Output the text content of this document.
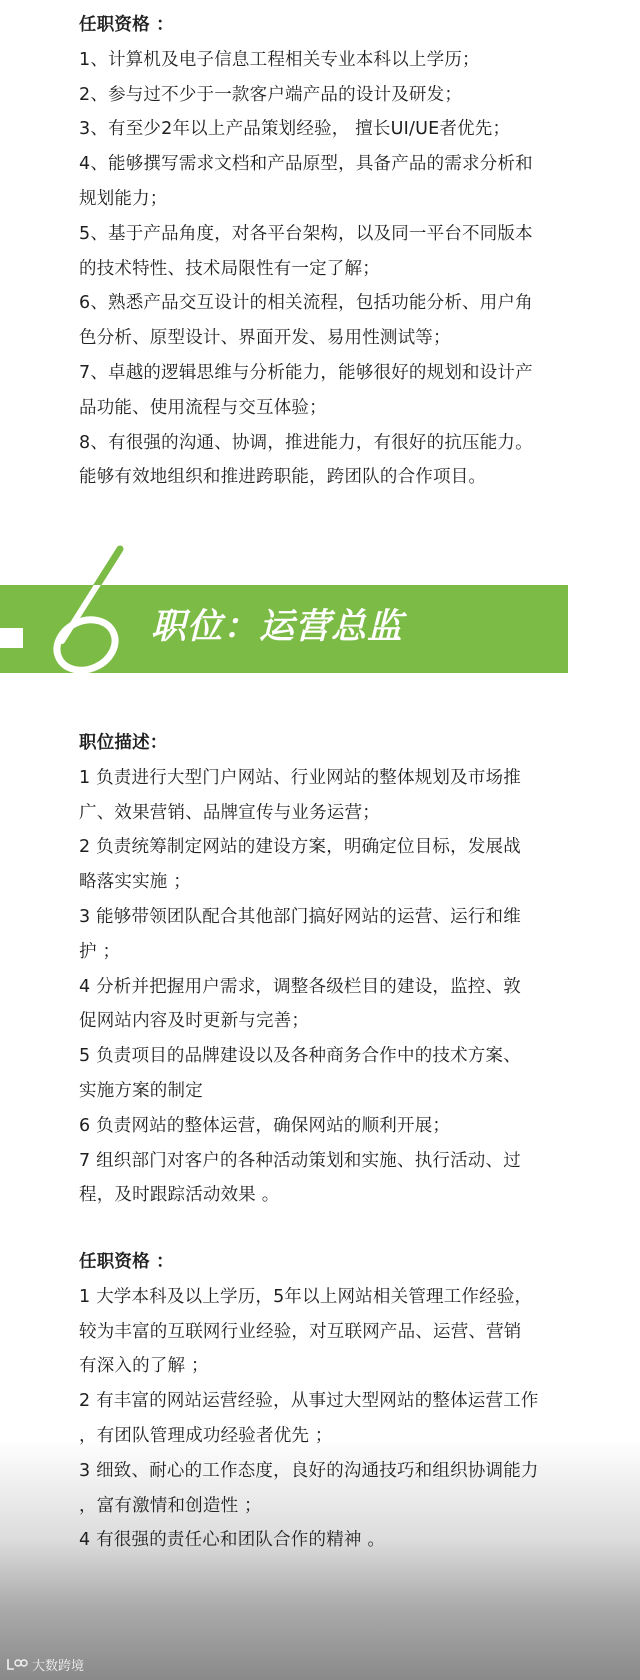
任职资格 ：

1、计算机及电子信息工程相关专业本科以上学历；

2、参与过不少于一款客户端产品的设计及研发；

3、有至少2年以上产品策划经验， 擅长UI/UE者优先；

4、能够撰写需求文档和产品原型，具备产品的需求分析和

规划能力；

5、基于产品角度，对各平台架构，以及同一平台不同版本

的技术特性、技术局限性有一定了解；

6、熟悉产品交互设计的相关流程，包括功能分析、用户角

色分析、原型设计、界面开发、易用性测试等；

7、卓越的逻辑思维与分析能力，能够很好的规划和设计产

品功能、使用流程与交互体验；

8、有很强的沟通、协调，推进能力，有很好的抗压能力。

能够有效地组织和推进跨职能，跨团队的合作项目。

职位：运营总监

职位描述：

1 负责进行大型门户网站、行业网站的整体规划及市场推

广、效果营销、品牌宣传与业务运营；

2 负责统筹制定网站的建设方案，明确定位目标，发展战

略落实实施 ；

3 能够带领团队配合其他部门搞好网站的运营、运行和维

护 ；

4 分析并把握用户需求，调整各级栏目的建设，监控、敦

促网站内容及时更新与完善；

5 负责项目的品牌建设以及各种商务合作中的技术方案、

实施方案的制定

6 负责网站的整体运营，确保网站的顺利开展；

7 组织部门对客户的各种活动策划和实施、执行活动、过

程，及时跟踪活动效果 。

任职资格 ：

1 大学本科及以上学历，5年以上网站相关管理工作经验，

较为丰富的互联网行业经验，对互联网产品、运营、营销

有深入的了解 ；

2 有丰富的网站运营经验，从事过大型网站的整体运营工作

，有团队管理成功经验者优先 ；

3 细致、耐心的工作态度，良好的沟通技巧和组织协调能力

，富有激情和创造性 ；

4 有很强的责任心和团队合作的精神 。

大数跨境
